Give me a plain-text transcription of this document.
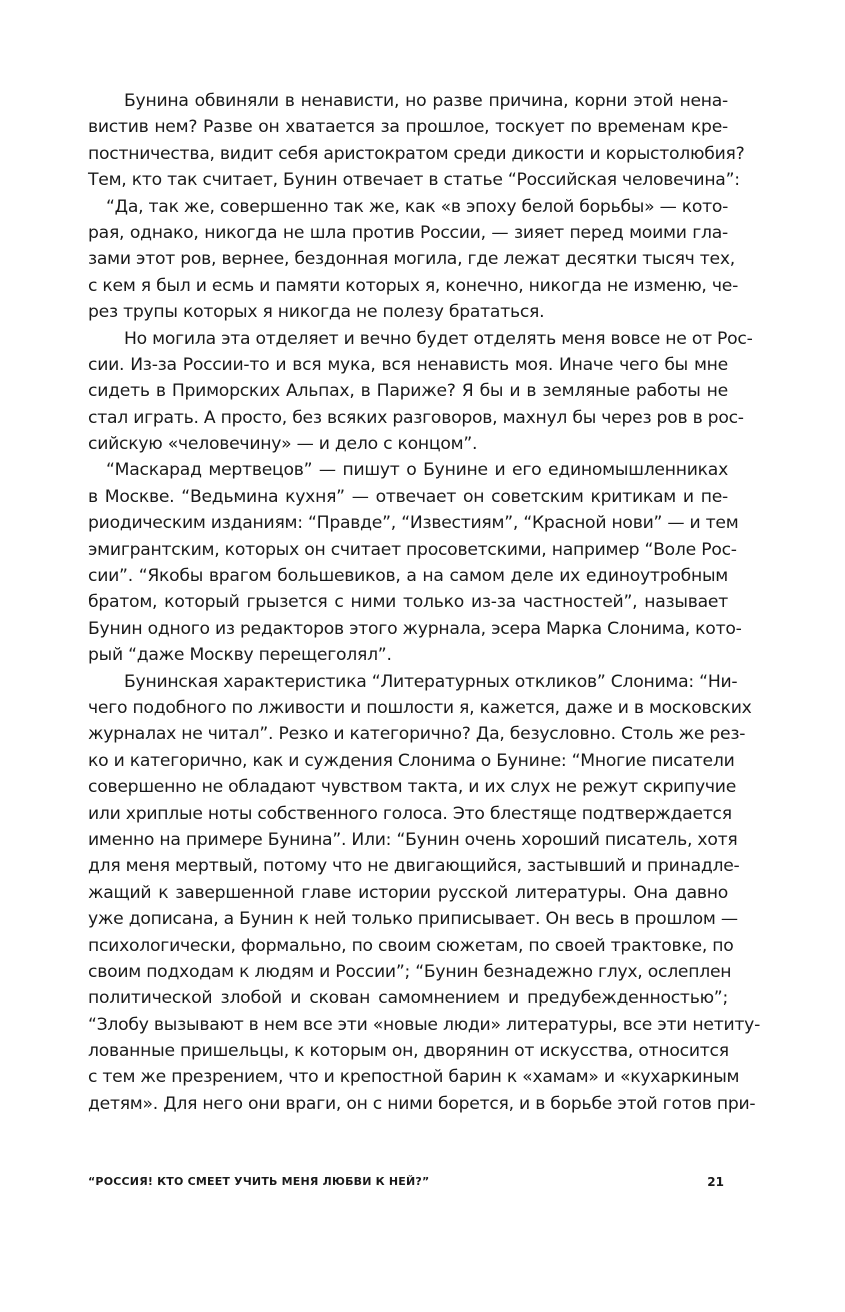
Бунина обвиняли в ненависти, но разве причина, корни этой нена-
вистив нем? Разве он хватается за прошлое, тоскует по временам кре-
постничества, видит себя аристократом среди дикости и корыстолюбия?
Тем, кто так считает, Бунин отвечает в статье “Российская человечина”:
“Да, так же, совершенно так же, как «в эпоху белой борьбы» — кото-
рая, однако, никогда не шла против России, — зияет перед моими гла-
зами этот ров, вернее, бездонная могила, где лежат десятки тысяч тех,
с кем я был и есмь и памяти которых я, конечно, никогда не изменю, че-
рез трупы которых я никогда не полезу брататься.
Но могила эта отделяет и вечно будет отделять меня вовсе не от Рос-
сии. Из-за России-то и вся мука, вся ненависть моя. Иначе чего бы мне
сидеть в Приморских Альпах, в Париже? Я бы и в земляные работы не
стал играть. А просто, без всяких разговоров, махнул бы через ров в рос-
сийскую «человечину» — и дело с концом”.
“Маскарад мертвецов” — пишут о Бунине и его единомышленниках
в Москве. “Ведьмина кухня” — отвечает он советским критикам и пе-
риодическим изданиям: “Правде”, “Известиям”, “Красной нови” — и тем
эмигрантским, которых он считает просоветскими, например “Воле Рос-
сии”. “Якобы врагом большевиков, а на самом деле их единоутробным
братом, который грызется с ними только из-за частностей”, называет
Бунин одного из редакторов этого журнала, эсера Марка Слонима, кото-
рый “даже Москву перещеголял”.
Бунинская характеристика “Литературных откликов” Слонима: “Ни-
чего подобного по лживости и пошлости я, кажется, даже и в московских
журналах не читал”. Резко и категорично? Да, безусловно. Столь же рез-
ко и категорично, как и суждения Слонима о Бунине: “Многие писатели
совершенно не обладают чувством такта, и их слух не режут скрипучие
или хриплые ноты собственного голоса. Это блестяще подтверждается
именно на примере Бунина”. Или: “Бунин очень хороший писатель, хотя
для меня мертвый, потому что не двигающийся, застывший и принадле-
жащий к завершенной главе истории русской литературы. Она давно
уже дописана, а Бунин к ней только приписывает. Он весь в прошлом —
психологически, формально, по своим сюжетам, по своей трактовке, по
своим подходам к людям и России”; “Бунин безнадежно глух, ослеплен
политической злобой и скован самомнением и предубежденностью”;
“Злобу вызывают в нем все эти «новые люди» литературы, все эти нетиту-
лованные пришельцы, к которым он, дворянин от искусства, относится
с тем же презрением, что и крепостной барин к «хамам» и «кухаркиным
детям». Для него они враги, он с ними борется, и в борьбе этой готов при-
“РОССИЯ! КТО СМЕЕТ УЧИТЬ МЕНЯ ЛЮБВИ К НЕЙ?”	21
